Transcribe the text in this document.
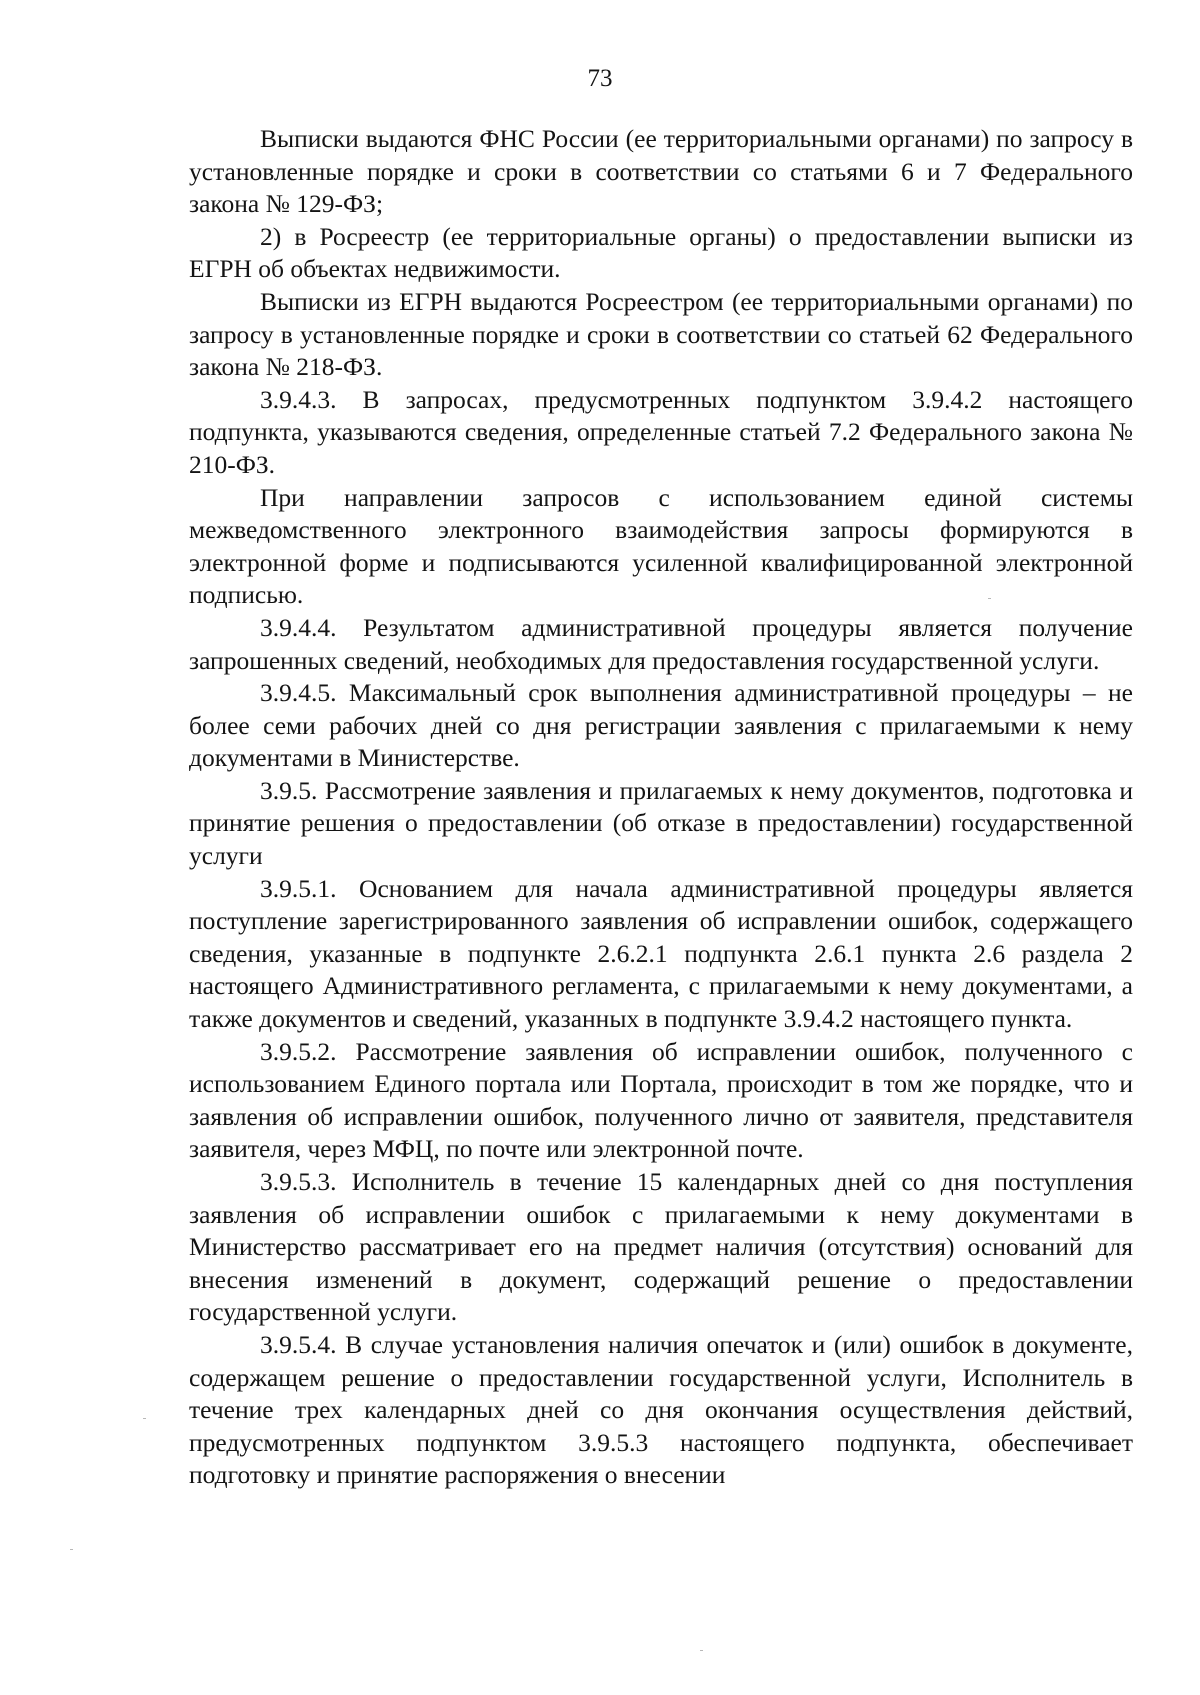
73

Выписки выдаются ФНС России (ее территориальными органами) по запросу в установленные порядке и сроки в соответствии со статьями 6 и 7 Федерального закона № 129-ФЗ;

2) в Росреестр (ее территориальные органы) о предоставлении выписки из ЕГРН об объектах недвижимости.

Выписки из ЕГРН выдаются Росреестром (ее территориальными органами) по запросу в установленные порядке и сроки в соответствии со статьей 62 Федерального закона № 218-ФЗ.

3.9.4.3. В запросах, предусмотренных подпунктом 3.9.4.2 настоящего подпункта, указываются сведения, определенные статьей 7.2 Федерального закона № 210-ФЗ.

При направлении запросов с использованием единой системы межведомственного электронного взаимодействия запросы формируются в электронной форме и подписываются усиленной квалифицированной электронной подписью.

3.9.4.4. Результатом административной процедуры является получение запрошенных сведений, необходимых для предоставления государственной услуги.

3.9.4.5. Максимальный срок выполнения административной процедуры – не более семи рабочих дней со дня регистрации заявления с прилагаемыми к нему документами в Министерстве.

3.9.5. Рассмотрение заявления и прилагаемых к нему документов, подготовка и принятие решения о предоставлении (об отказе в предоставлении) государственной услуги

3.9.5.1. Основанием для начала административной процедуры является поступление зарегистрированного заявления об исправлении ошибок, содержащего сведения, указанные в подпункте 2.6.2.1 подпункта 2.6.1 пункта 2.6 раздела 2 настоящего Административного регламента, с прилагаемыми к нему документами, а также документов и сведений, указанных в подпункте 3.9.4.2 настоящего пункта.

3.9.5.2. Рассмотрение заявления об исправлении ошибок, полученного с использованием Единого портала или Портала, происходит в том же порядке, что и заявления об исправлении ошибок, полученного лично от заявителя, представителя заявителя, через МФЦ, по почте или электронной почте.

3.9.5.3. Исполнитель в течение 15 календарных дней со дня поступления заявления об исправлении ошибок с прилагаемыми к нему документами в Министерство рассматривает его на предмет наличия (отсутствия) оснований для внесения изменений в документ, содержащий решение о предоставлении государственной услуги.

3.9.5.4. В случае установления наличия опечаток и (или) ошибок в документе, содержащем решение о предоставлении государственной услуги, Исполнитель в течение трех календарных дней со дня окончания осуществления действий, предусмотренных подпунктом 3.9.5.3 настоящего подпункта, обеспечивает подготовку и принятие распоряжения о внесении
